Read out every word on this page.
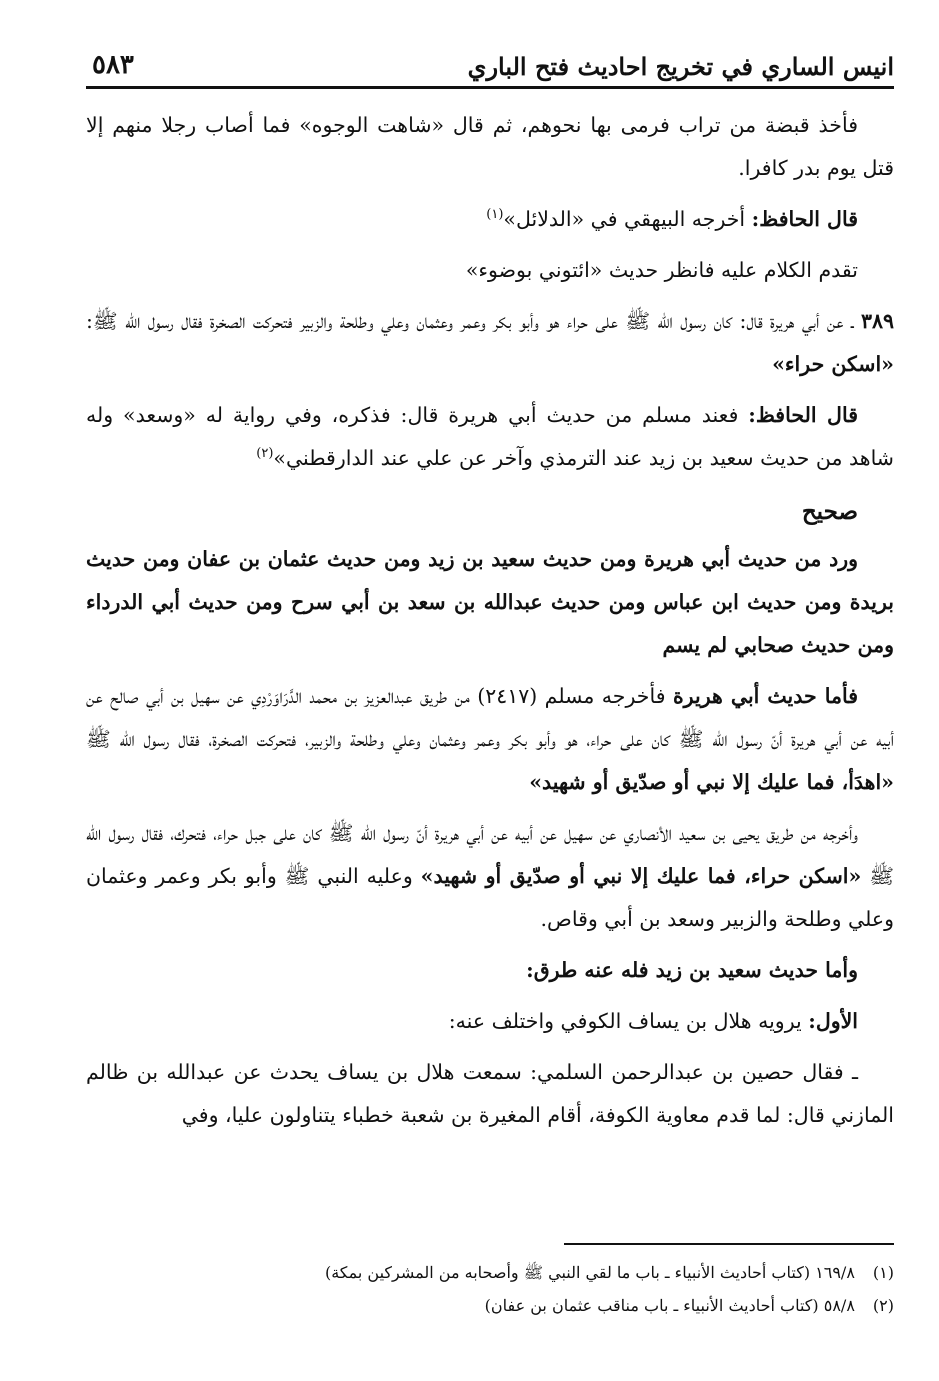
انيس الساري في تخريج احاديث فتح الباري
٥٨٣

فأخذ قبضة من تراب فرمى بها نحوهم، ثم قال «شاهت الوجوه» فما أصاب رجلا منهم إلا قتل يوم بدر كافرا.

قال الحافظ: أخرجه البيهقي في «الدلائل»$^{(١)}$

تقدم الكلام عليه فانظر حديث «ائتوني بوضوء»

٣٨٩ ـ عن أبي هريرة قال: كان رسول الله ﷺ على حراء هو وأبو بكر وعمر وعثمان وعلي وطلحة والزبير فتحركت الصخرة فقال رسول الله ﷺ: «اسكن حراء»

قال الحافظ: فعند مسلم من حديث أبي هريرة قال: فذكره، وفي رواية له «وسعد» وله شاهد من حديث سعيد بن زيد عند الترمذي وآخر عن علي عند الدارقطني»$^{(٢)}$

صحيح

ورد من حديث أبي هريرة ومن حديث سعيد بن زيد ومن حديث عثمان بن عفان ومن حديث بريدة ومن حديث ابن عباس ومن حديث عبدالله بن سعد بن أبي سرح ومن حديث أبي الدرداء ومن حديث صحابي لم يسم

فأما حديث أبي هريرة فأخرجه مسلم (٢٤١٧) من طريق عبدالعزيز بن محمد الدَّرَاوَرْدِي عن سهيل بن أبي صالح عن أبيه عن أبي هريرة أنّ رسول الله ﷺ كان على حراء، هو وأبو بكر وعمر وعثمان وعلي وطلحة والزبير، فتحركت الصخرة، فقال رسول الله ﷺ «اهدَأ، فما عليك إلا نبي أو صدّيق أو شهيد»

وأخرجه من طريق يحيى بن سعيد الأنصاري عن سهيل عن أبيه عن أبي هريرة أنّ رسول الله ﷺ كان على جبل حراء، فتحرك، فقال رسول الله ﷺ «اسكن حراء، فما عليك إلا نبي أو صدّيق أو شهيد» وعليه النبي ﷺ وأبو بكر وعمر وعثمان وعلي وطلحة والزبير وسعد بن أبي وقاص.

وأما حديث سعيد بن زيد فله عنه طرق:

الأول: يرويه هلال بن يساف الكوفي واختلف عنه:

ـ فقال حصين بن عبدالرحمن السلمي: سمعت هلال بن يساف يحدث عن عبدالله بن ظالم المازني قال: لما قدم معاوية الكوفة، أقام المغيرة بن شعبة خطباء يتناولون عليا، وفي

(١)١٦٩/٨ (كتاب أحاديث الأنبياء ـ باب ما لقي النبي ﷺ وأصحابه من المشركين بمكة)
(٢)٥٨/٨ (كتاب أحاديث الأنبياء ـ باب مناقب عثمان بن عفان)
